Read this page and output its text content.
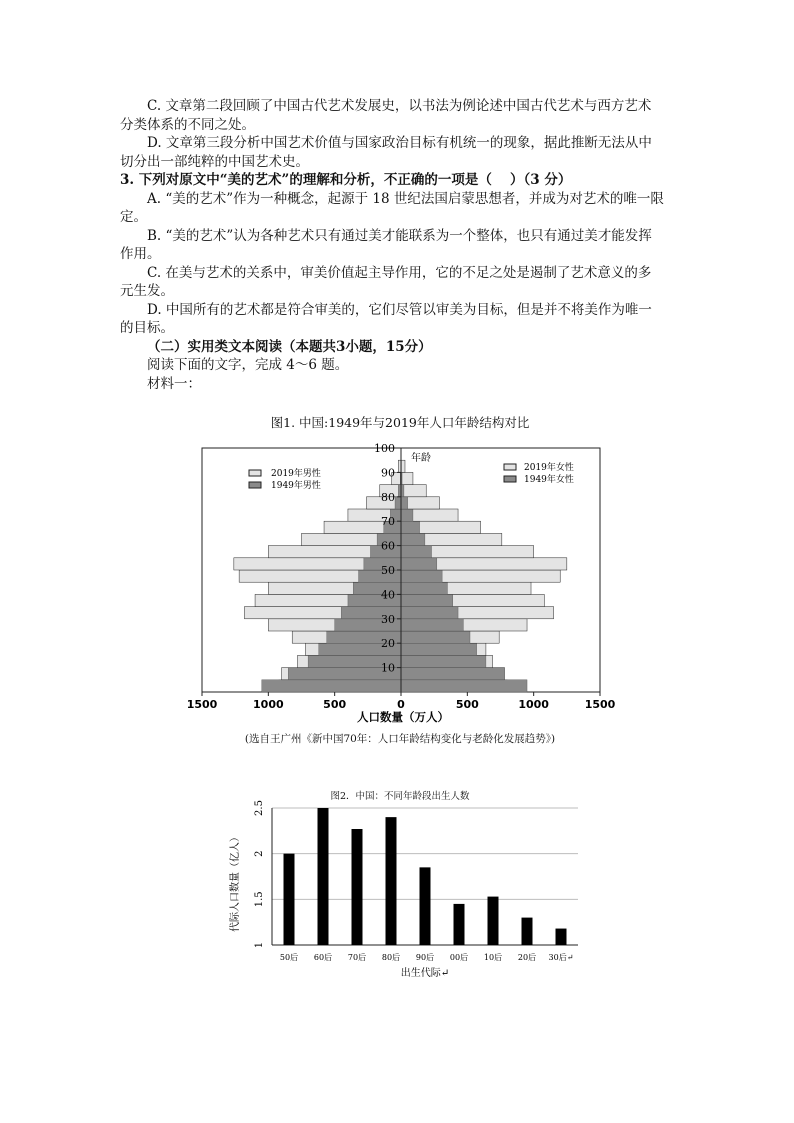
C. 文章第二段回顾了中国古代艺术发展史，以书法为例论述中国古代艺术与西方艺术
分类体系的不同之处。
D. 文章第三段分析中国艺术价值与国家政治目标有机统一的现象，据此推断无法从中
切分出一部纯粹的中国艺术史。
3. 下列对原文中“美的艺术”的理解和分析，不正确的一项是（　 ）（3 分）
A. “美的艺术”作为一种概念，起源于 18 世纪法国启蒙思想者，并成为对艺术的唯一限
定。
B. “美的艺术”认为各种艺术只有通过美才能联系为一个整体，也只有通过美才能发挥
作用。
C. 在美与艺术的关系中，审美价值起主导作用，它的不足之处是遏制了艺术意义的多
元生发。
D. 中国所有的艺术都是符合审美的，它们尽管以审美为目标，但是并不将美作为唯一
的目标。
（二）实用类文本阅读（本题共3小题，15分）
阅读下面的文字，完成 4～6 题。
材料一：
图1. 中国:1949年与2019年人口年龄结构对比
10
20
30
40
50
60
70
80
90
100
年龄
1500	1000	500	0	500	1000	1500
人口数量（万人）
2019年男性
1949年男性
2019年女性
1949年女性
(选自王广州《新中国70年：人口年龄结构变化与老龄化发展趋势》)
图2．中国：不同年龄段出生人数
1
1.5
2
2.5
50后 60后 70后 80后 90后 00后 10后 20后 30后↵
代际人口数量（亿人）
出生代际↵
